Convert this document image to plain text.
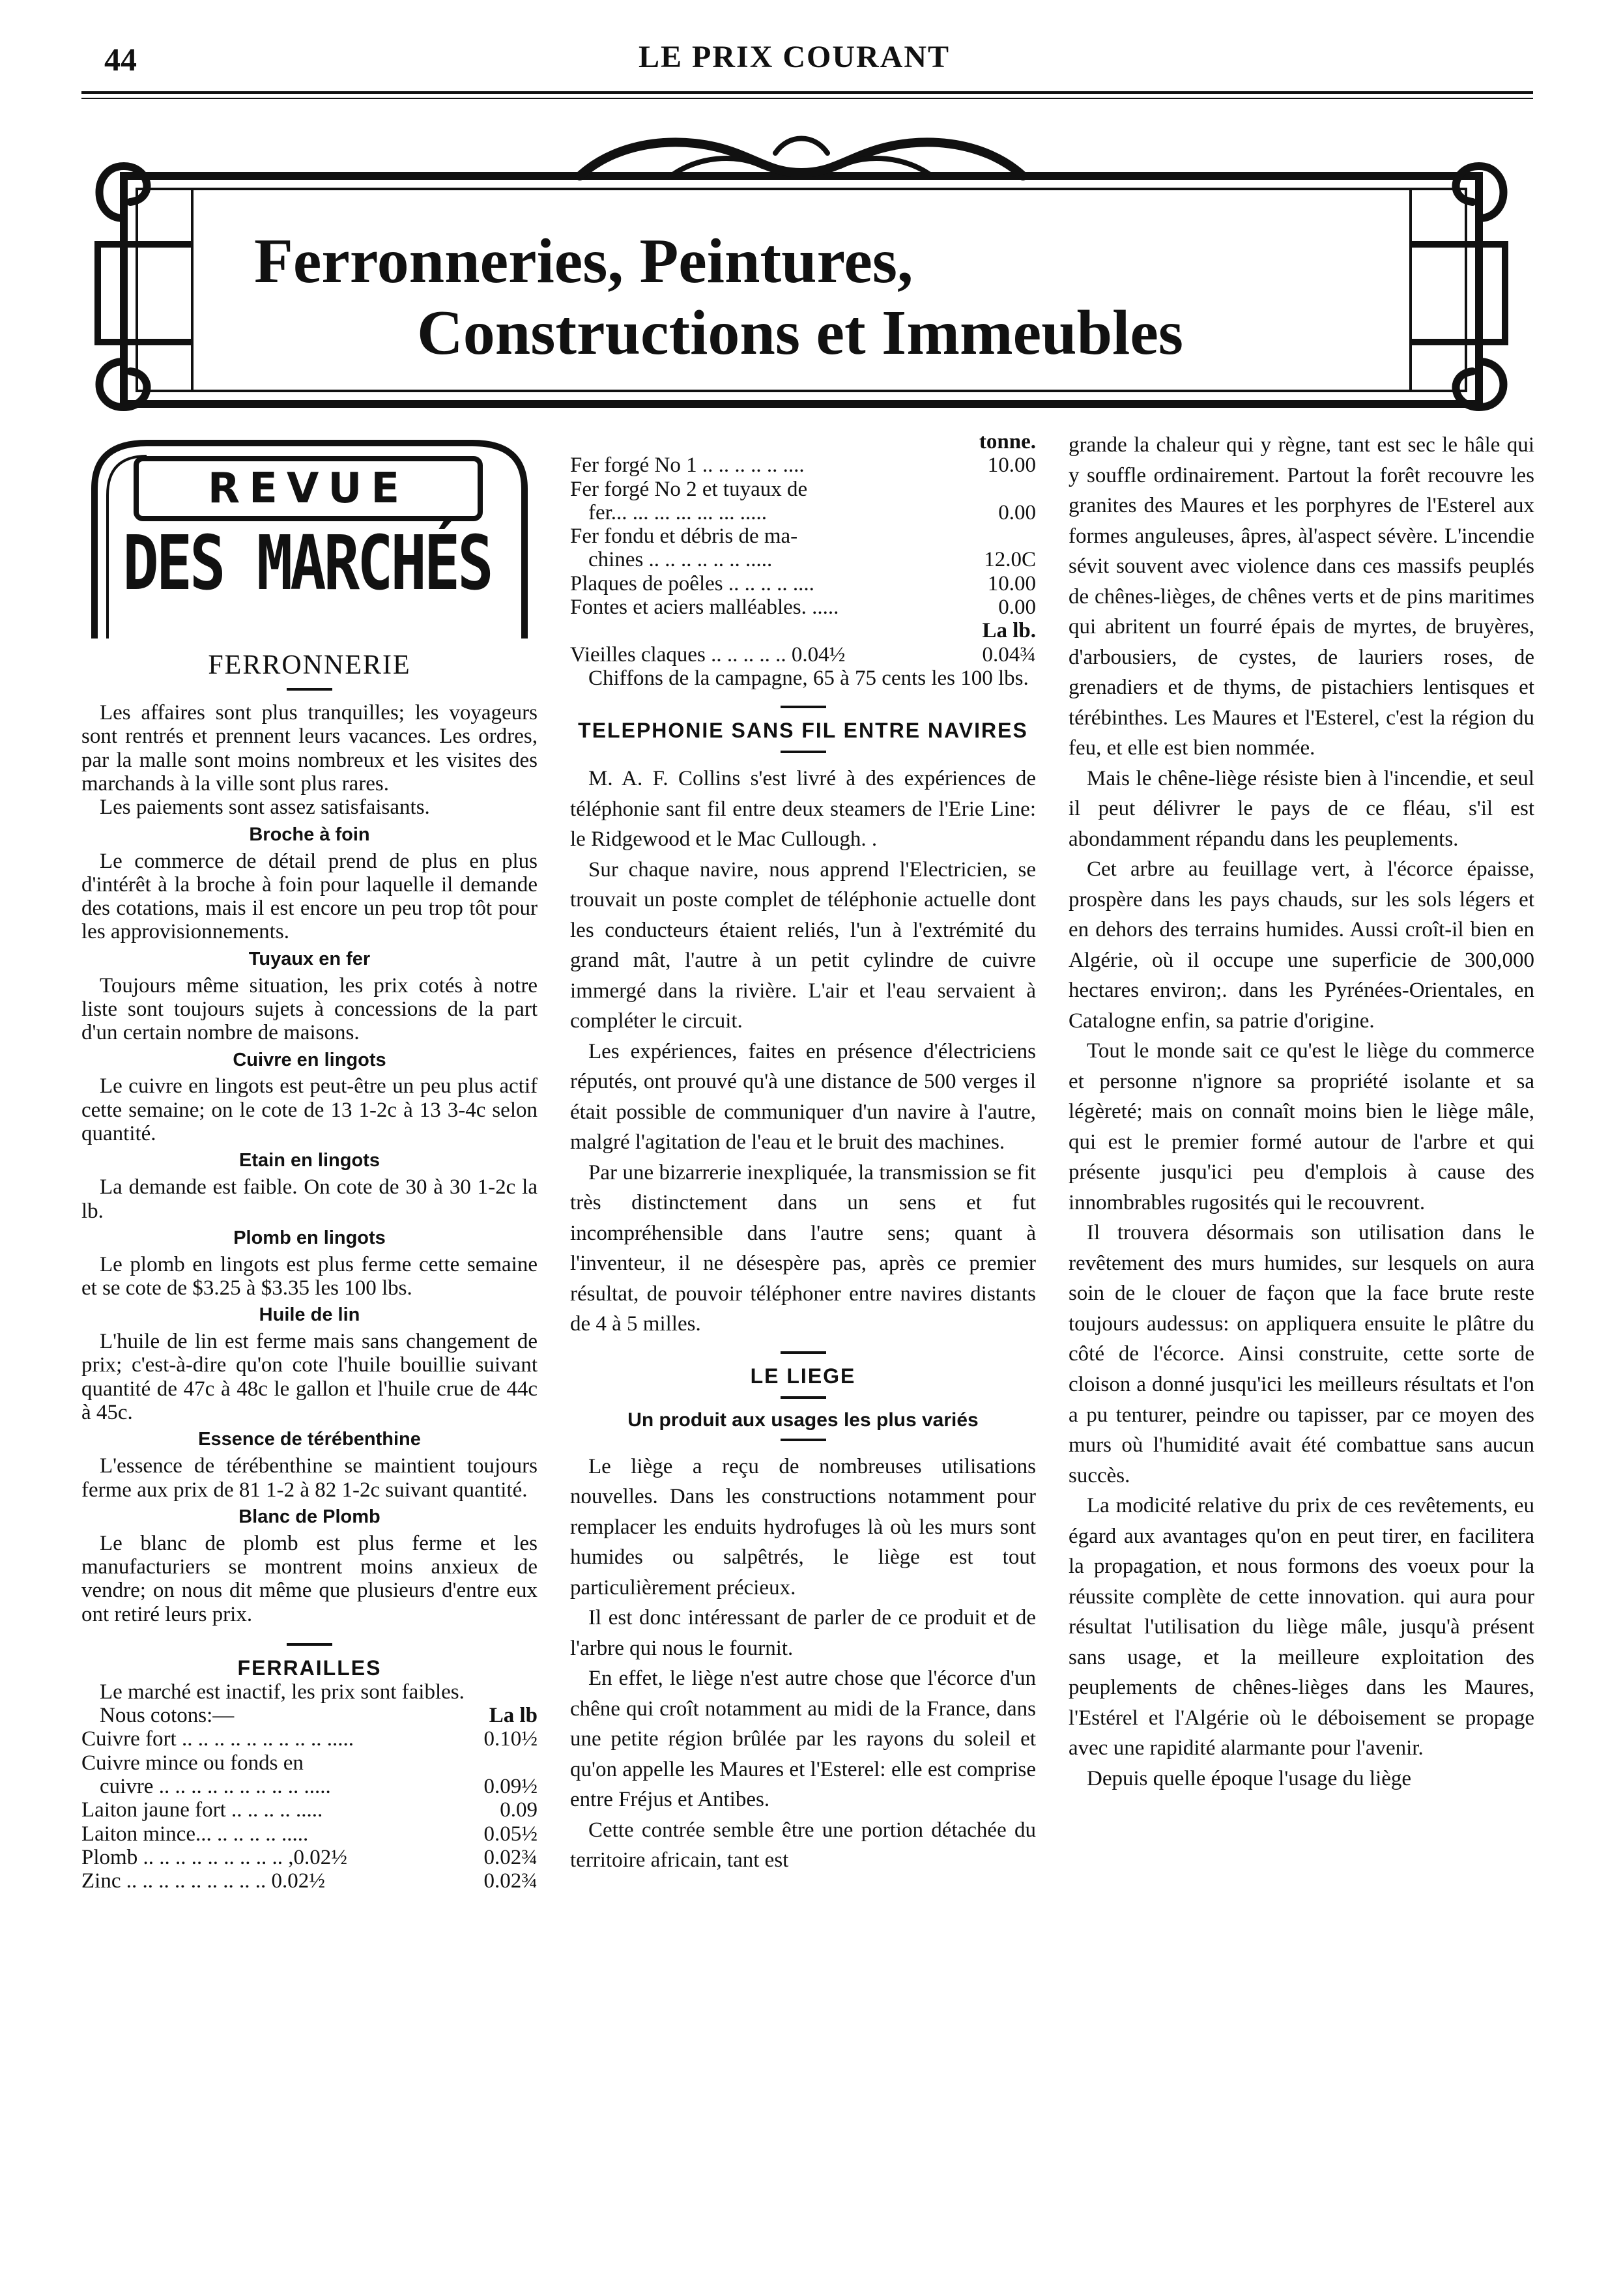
44	LE PRIX COURANT
Ferronneries, Peintures,
Constructions et Immeubles
REVUE
DES MARCHÉS
FERRONNERIE

Les affaires sont plus tranquilles; les voyageurs sont rentrés et prennent leurs vacances. Les ordres, par la malle sont moins nombreux et les visites des marchands à la ville sont plus rares.

Les paiements sont assez satisfaisants.

Broche à foin

Le commerce de détail prend de plus en plus d'intérêt à la broche à foin pour laquelle il demande des cotations, mais il est encore un peu trop tôt pour les approvisionnements.

Tuyaux en fer

Toujours même situation, les prix cotés à notre liste sont toujours sujets à concessions de la part d'un certain nombre de maisons.

Cuivre en lingots

Le cuivre en lingots est peut-être un peu plus actif cette semaine; on le cote de 13 1-2c à 13 3-4c selon quantité.

Etain en lingots

La demande est faible. On cote de 30 à 30 1-2c la lb.

Plomb en lingots

Le plomb en lingots est plus ferme cette semaine et se cote de $3.25 à $3.35 les 100 lbs.

Huile de lin

L'huile de lin est ferme mais sans changement de prix; c'est-à-dire qu'on cote l'huile bouillie suivant quantité de 47c à 48c le gallon et l'huile crue de 44c à 45c.

Essence de térébenthine

L'essence de térébenthine se maintient toujours ferme aux prix de 81 1-2 à 82 1-2c suivant quantité.

Blanc de Plomb

Le blanc de plomb est plus ferme et les manufacturiers se montrent moins anxieux de vendre; on nous dit même que plusieurs d'entre eux ont retiré leurs prix.

FERRAILLES

Le marché est inactif, les prix sont faibles.

Nous cotons:—	La lb
Cuivre fort .. .. .. .. .. .. .. .. .. .....	0.10½
Cuivre mince ou fonds en
cuivre .. .. .. .. .. .. .. .. .. .....	0.09½
Laiton jaune fort .. .. .. .. .....	0.09
Laiton mince... .. .. .. .. .....	0.05½
Plomb .. .. .. .. .. .. .. .. .. ,0.02½	0.02¾
Zinc .. .. .. .. .. .. .. .. .. 0.02½	0.02¾
tonne.
Fer forgé No 1 .. .. .. .. .. ....	10.00
Fer forgé No 2 et tuyaux de
fer... ... ... ... ... ... .....	0.00
Fer fondu et débris de ma-
chines .. .. .. .. .. .. .....	12.0C
Plaques de poêles .. .. .. .. ....	10.00
Fontes et aciers malléables. .....	0.00
La lb.
Vieilles claques .. .. .. .. .. 0.04½	0.04¾

Chiffons de la campagne, 65 à 75 cents les 100 lbs.

TELEPHONIE SANS FIL ENTRE NAVIRES

M. A. F. Collins s'est livré à des expériences de téléphonie sant fil entre deux steamers de l'Erie Line: le Ridgewood et le Mac Cullough. .

Sur chaque navire, nous apprend l'Electricien, se trouvait un poste complet de téléphonie actuelle dont les conducteurs étaient reliés, l'un à l'extrémité du grand mât, l'autre à un petit cylindre de cuivre immergé dans la rivière. L'air et l'eau servaient à compléter le circuit.

Les expériences, faites en présence d'électriciens réputés, ont prouvé qu'à une distance de 500 verges il était possible de communiquer d'un navire à l'autre, malgré l'agitation de l'eau et le bruit des machines.

Par une bizarrerie inexpliquée, la transmission se fit très distinctement dans un sens et fut incompréhensible dans l'autre sens; quant à l'inventeur, il ne désespère pas, après ce premier résultat, de pouvoir téléphoner entre navires distants de 4 à 5 milles.

LE LIEGE
Un produit aux usages les plus variés

Le liège a reçu de nombreuses utilisations nouvelles. Dans les constructions notamment pour remplacer les enduits hydrofuges là où les murs sont humides ou salpêtrés, le liège est tout particulièrement précieux.

Il est donc intéressant de parler de ce produit et de l'arbre qui nous le fournit.

En effet, le liège n'est autre chose que l'écorce d'un chêne qui croît notamment au midi de la France, dans une petite région brûlée par les rayons du soleil et qu'on appelle les Maures et l'Esterel: elle est comprise entre Fréjus et Antibes.

Cette contrée semble être une portion détachée du territoire africain, tant est

grande la chaleur qui y règne, tant est sec le hâle qui y souffle ordinairement. Partout la forêt recouvre les granites des Maures et les porphyres de l'Esterel aux formes anguleuses, âpres, àl'aspect sévère. L'incendie sévit souvent avec violence dans ces massifs peuplés de chênes-lièges, de chênes verts et de pins maritimes qui abritent un fourré épais de myrtes, de bruyères, d'arbousiers, de cystes, de lauriers roses, de grenadiers et de thyms, de pistachiers lentisques et térébinthes. Les Maures et l'Esterel, c'est la région du feu, et elle est bien nommée.

Mais le chêne-liège résiste bien à l'incendie, et seul il peut délivrer le pays de ce fléau, s'il est abondamment répandu dans les peuplements.

Cet arbre au feuillage vert, à l'écorce épaisse, prospère dans les pays chauds, sur les sols légers et en dehors des terrains humides. Aussi croît-il bien en Algérie, où il occupe une superficie de 300,000 hectares environ;. dans les Pyrénées-Orientales, en Catalogne enfin, sa patrie d'origine.

Tout le monde sait ce qu'est le liège du commerce et personne n'ignore sa propriété isolante et sa légèreté; mais on connaît moins bien le liège mâle, qui est le premier formé autour de l'arbre et qui présente jusqu'ici peu d'emplois à cause des innombrables rugosités qui le recouvrent.

Il trouvera désormais son utilisation dans le revêtement des murs humides, sur lesquels on aura soin de le clouer de façon que la face brute reste toujours audessus: on appliquera ensuite le plâtre du côté de l'écorce. Ainsi construite, cette sorte de cloison a donné jusqu'ici les meilleurs résultats et l'on a pu tenturer, peindre ou tapisser, par ce moyen des murs où l'humidité avait été combattue sans aucun succès.

La modicité relative du prix de ces revêtements, eu égard aux avantages qu'on en peut tirer, en facilitera la propagation, et nous formons des voeux pour la réussite complète de cette innovation. qui aura pour résultat l'utilisation du liège mâle, jusqu'à présent sans usage, et la meilleure exploitation des peuplements de chênes-lièges dans les Maures, l'Estérel et l'Algérie où le déboisement se propage avec une rapidité alarmante pour l'avenir.

Depuis quelle époque l'usage du liège
